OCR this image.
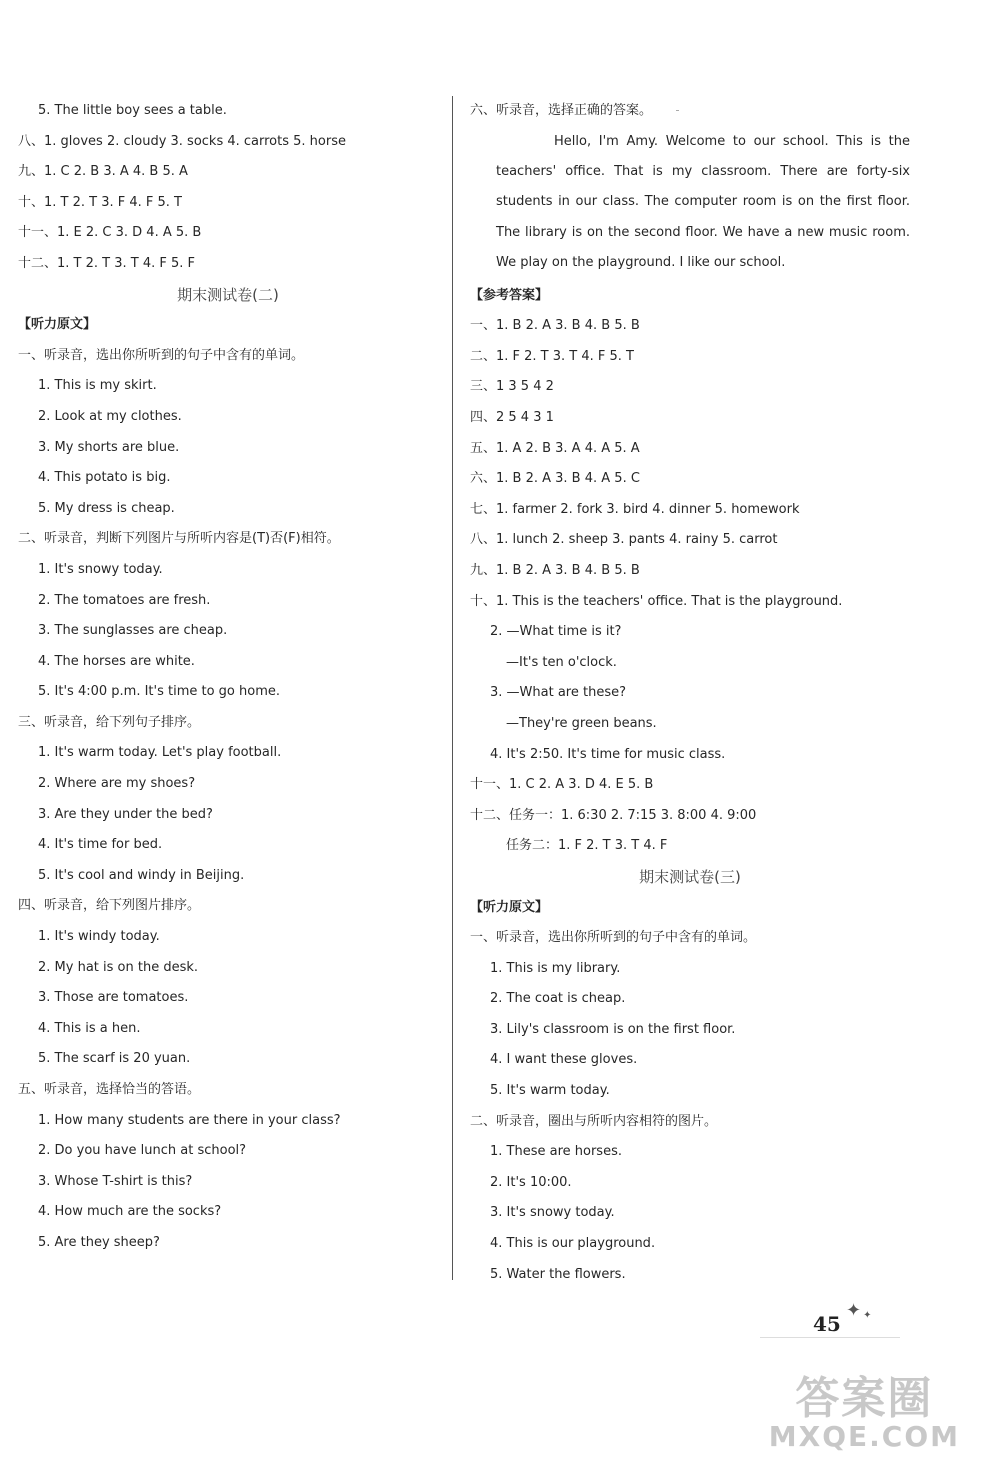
5. The little boy sees a table.
八、1. gloves 2. cloudy 3. socks 4. carrots 5. horse
九、1. C 2. B 3. A 4. B 5. A
十、1. T 2. T 3. F 4. F 5. T
十一、1. E 2. C 3. D 4. A 5. B
十二、1. T 2. T 3. T 4. F 5. F
期末测试卷(二)
【听力原文】
一、听录音，选出你所听到的句子中含有的单词。
1. This is my skirt.
2. Look at my clothes.
3. My shorts are blue.
4. This potato is big.
5. My dress is cheap.
二、听录音，判断下列图片与所听内容是(T)否(F)相符。
1. It's snowy today.
2. The tomatoes are fresh.
3. The sunglasses are cheap.
4. The horses are white.
5. It's 4:00 p.m. It's time to go home.
三、听录音，给下列句子排序。
1. It's warm today. Let's play football.
2. Where are my shoes?
3. Are they under the bed?
4. It's time for bed.
5. It's cool and windy in Beijing.
四、听录音，给下列图片排序。
1. It's windy today.
2. My hat is on the desk.
3. Those are tomatoes.
4. This is a hen.
5. The scarf is 20 yuan.
五、听录音，选择恰当的答语。
1. How many students are there in your class?
2. Do you have lunch at school?
3. Whose T-shirt is this?
4. How much are the socks?
5. Are they sheep?
六、听录音，选择正确的答案。
Hello, I'm Amy. Welcome to our school. This is the teachers' office. That is my classroom. There are forty-six students in our class. The computer room is on the first floor. The library is on the second floor. We have a new music room. We play on the playground. I like our school.
【参考答案】
一、1. B 2. A 3. B 4. B 5. B
二、1. F 2. T 3. T 4. F 5. T
三、1 3 5 4 2
四、2 5 4 3 1
五、1. A 2. B 3. A 4. A 5. A
六、1. B 2. A 3. B 4. A 5. C
七、1. farmer 2. fork 3. bird 4. dinner 5. homework
八、1. lunch 2. sheep 3. pants 4. rainy 5. carrot
九、1. B 2. A 3. B 4. B 5. B
十、1. This is the teachers' office. That is the playground.
2. —What time is it?
—It's ten o'clock.
3. —What are these?
—They're green beans.
4. It's 2:50. It's time for music class.
十一、1. C 2. A 3. D 4. E 5. B
十二、任务一：1. 6:30 2. 7:15 3. 8:00 4. 9:00
任务二：1. F 2. T 3. T 4. F
期末测试卷(三)
【听力原文】
一、听录音，选出你所听到的句子中含有的单词。
1. This is my library.
2. The coat is cheap.
3. Lily's classroom is on the first floor.
4. I want these gloves.
5. It's warm today.
二、听录音，圈出与所听内容相符的图片。
1. These are horses.
2. It's 10:00.
3. It's snowy today.
4. This is our playground.
5. Water the flowers.
45
✦ ✦
答案圈
MXQE.COM
